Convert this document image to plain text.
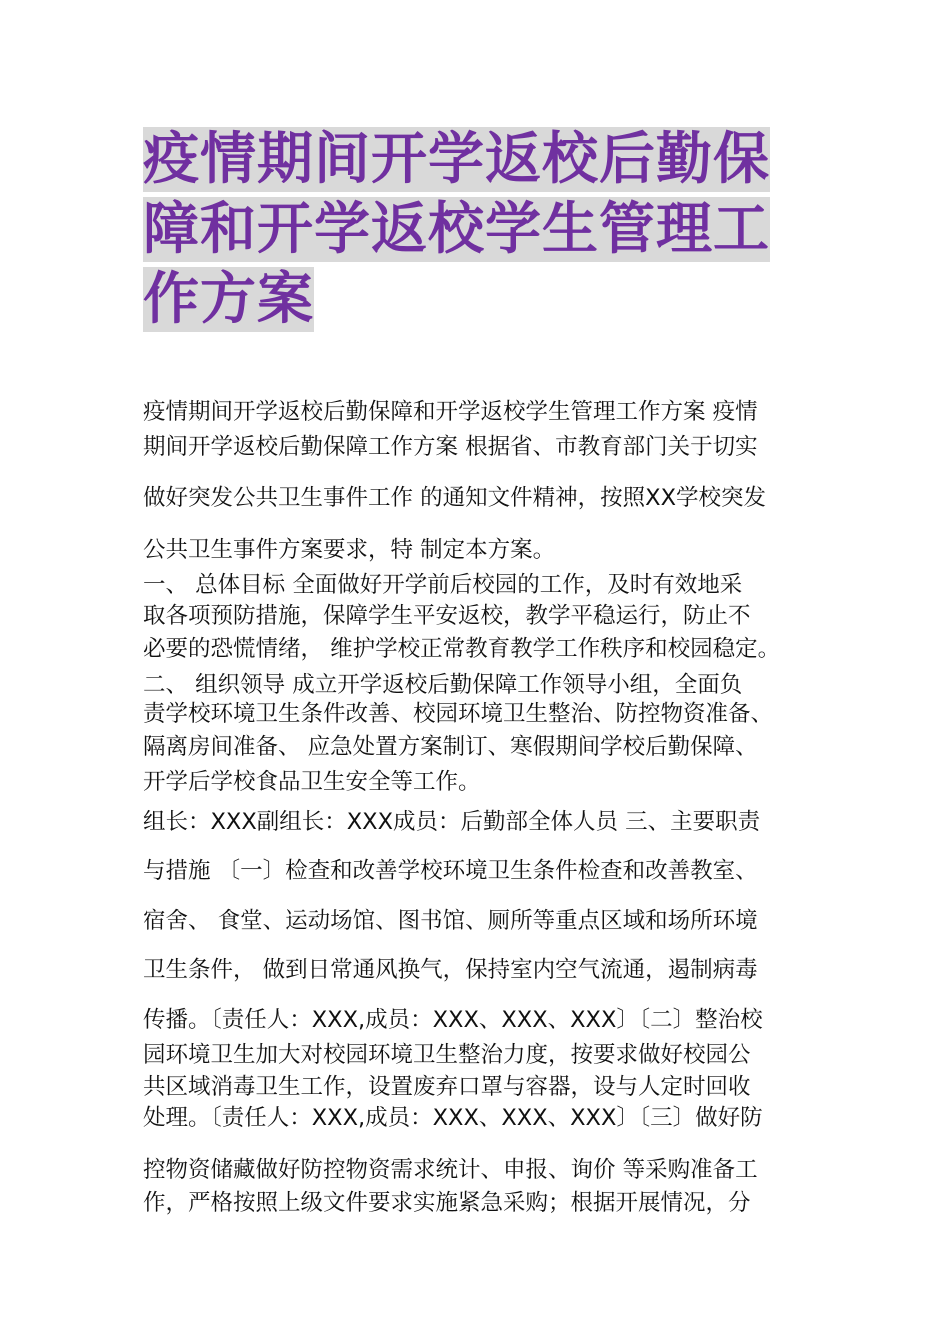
疫情期间开学返校后勤保
障和开学返校学生管理工
作方案
疫情期间开学返校后勤保障和开学返校学生管理工作方案 疫情
期间开学返校后勤保障工作方案 根据省、市教育部门关于切实
做好突发公共卫生事件工作 的通知文件精神，按照XX学校突发
公共卫生事件方案要求，特 制定本方案。
一、 总体目标 全面做好开学前后校园的工作，及时有效地采
取各项预防措施，保障学生平安返校，教学平稳运行，防止不
必要的恐慌情绪， 维护学校正常教育教学工作秩序和校园稳定。
二、 组织领导 成立开学返校后勤保障工作领导小组，全面负
责学校环境卫生条件改善、校园环境卫生整治、防控物资准备、
隔离房间准备、 应急处置方案制订、寒假期间学校后勤保障、
开学后学校食品卫生安全等工作。
组长：XXX副组长：XXX成员：后勤部全体人员 三、主要职责
与措施 〔一〕检查和改善学校环境卫生条件检查和改善教室、
宿舍、 食堂、运动场馆、图书馆、厕所等重点区域和场所环境
卫生条件， 做到日常通风换气，保持室内空气流通，遏制病毒
传播。〔责任人：XXX,成员：XXX、XXX、XXX〕〔二〕整治校
园环境卫生加大对校园环境卫生整治力度，按要求做好校园公
共区域消毒卫生工作，设置废弃口罩与容器，设与人定时回收
处理。〔责任人：XXX,成员：XXX、XXX、XXX〕〔三〕做好防
控物资储藏做好防控物资需求统计、申报、询价 等采购准备工
作，严格按照上级文件要求实施紧急采购；根据开展情况，分
